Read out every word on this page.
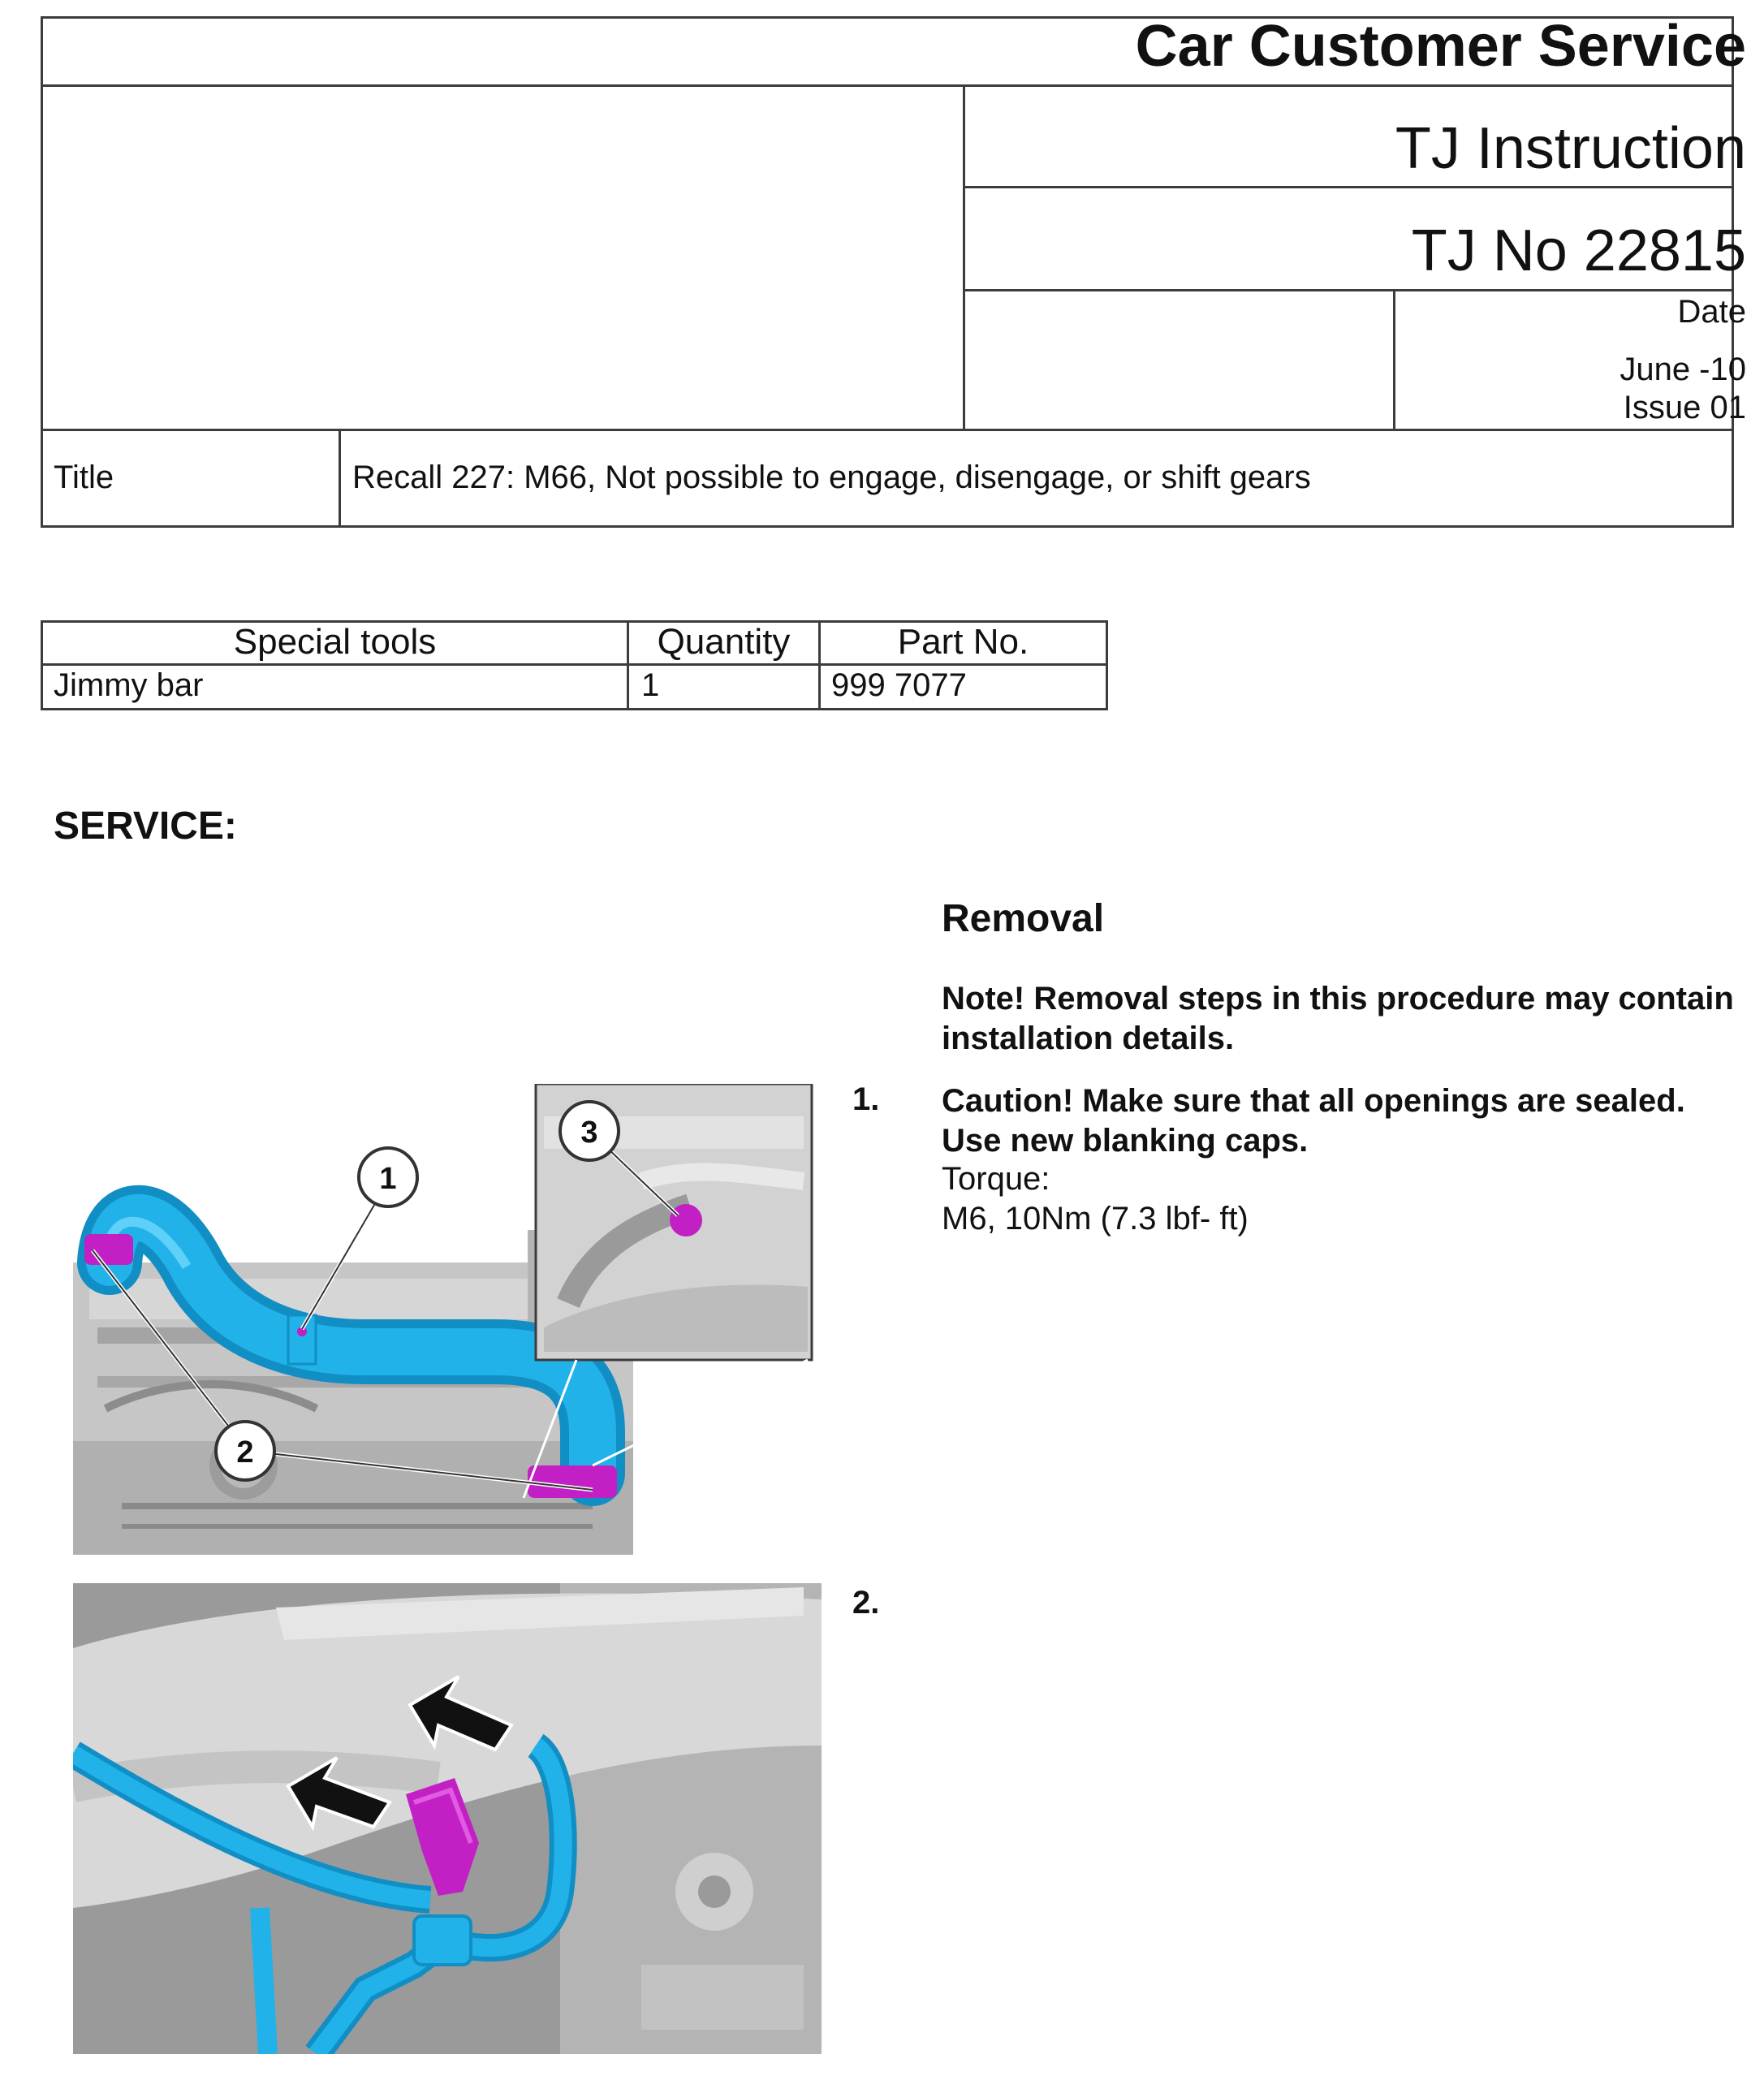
Car Customer Service
TJ Instruction
TJ No 22815
Date
June -10
Issue 01
Title	Recall 227: M66, Not possible to engage, disengage, or shift gears
Special tools	Quantity	Part No.
Jimmy bar	1	999 7077
SERVICE:
Removal
Note! Removal steps in this procedure may contain installation details.
1. Caution! Make sure that all openings are sealed. Use new blanking caps.
Torque:
M6, 10Nm (7.3 lbf- ft)
2.
1
2
3
